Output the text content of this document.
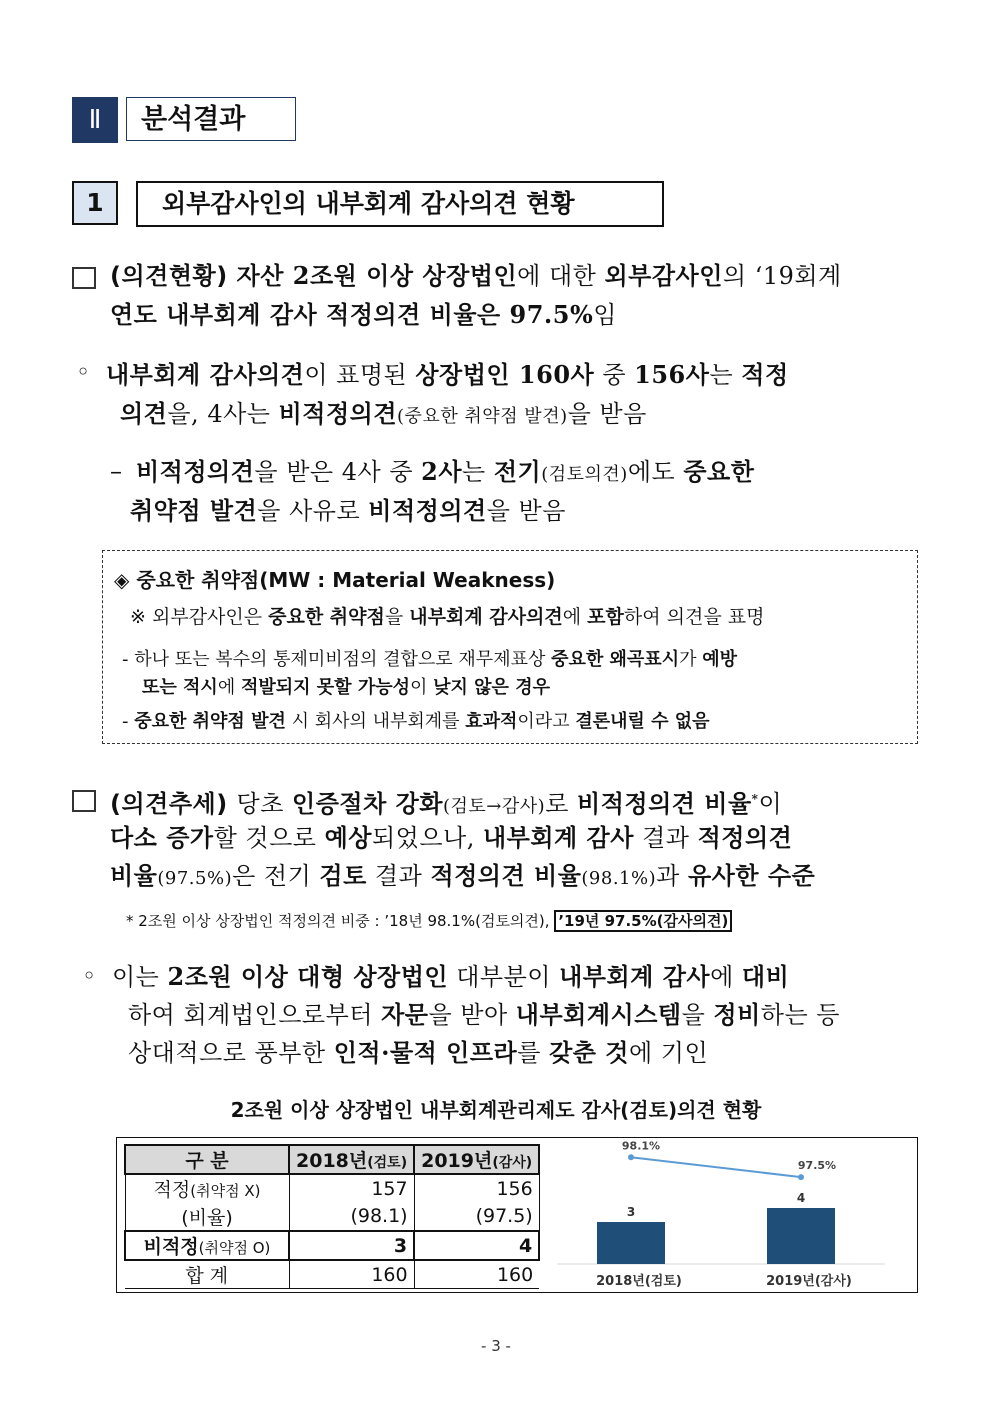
Ⅱ	분석결과
1	외부감사인의 내부회계 감사의견 현황
(의견현황) 자산 2조원 이상 상장법인에 대한 외부감사인의 ‘19회계
연도 내부회계 감사 적정의견 비율은 97.5%임
◦ 내부회계 감사의견이 표명된 상장법인 160사 중 156사는 적정
의견을, 4사는 비적정의견(중요한 취약점 발견)을 받음
– 비적정의견을 받은 4사 중 2사는 전기(검토의견)에도 중요한
취약점 발견을 사유로 비적정의견을 받음
◈ 중요한 취약점(MW : Material Weakness)
※ 외부감사인은 중요한 취약점을 내부회계 감사의견에 포함하여 의견을 표명
- 하나 또는 복수의 통제미비점의 결합으로 재무제표상 중요한 왜곡표시가 예방
또는 적시에 적발되지 못할 가능성이 낮지 않은 경우
- 중요한 취약점 발견 시 회사의 내부회계를 효과적이라고 결론내릴 수 없음
(의견추세) 당초 인증절차 강화(검토→감사)로 비적정의견 비율*이
다소 증가할 것으로 예상되었으나, 내부회계 감사 결과 적정의견
비율(97.5%)은 전기 검토 결과 적정의견 비율(98.1%)과 유사한 수준
* 2조원 이상 상장법인 적정의견 비중 : ’18년 98.1%(검토의견), ’19년 97.5%(감사의견)
◦ 이는 2조원 이상 대형 상장법인 대부분이 내부회계 감사에 대비
하여 회계법인으로부터 자문을 받아 내부회계시스템을 정비하는 등
상대적으로 풍부한 인적·물적 인프라를 갖춘 것에 기인
2조원 이상 상장법인 내부회계관리제도 감사(검토)의견 현황
구 분	2018년(검토)	2019년(감사)
적정(취약점 X)	157	156
(비율)	(98.1)	(97.5)
비적정(취약점 O)	3	4
합 계	160	160
3
4
98.1%
97.5%
2018년(검토)	2019년(감사)
- 3 -
